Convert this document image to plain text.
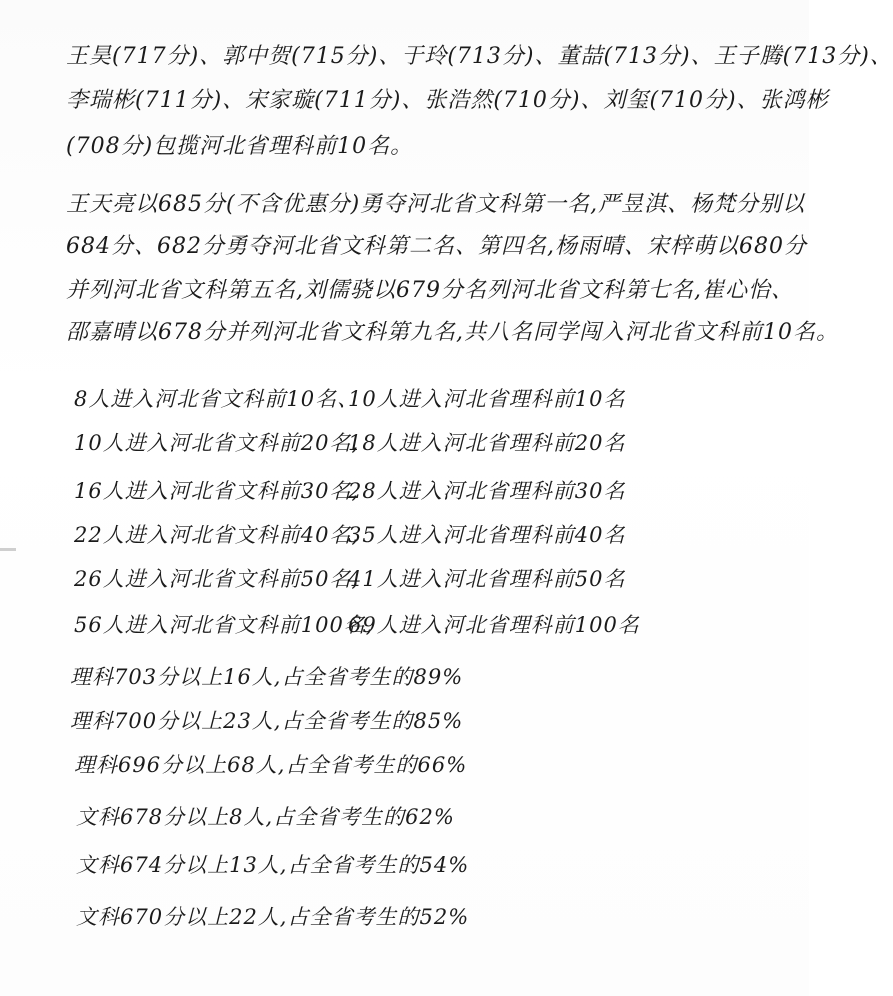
王昊(717分)、郭中贺(715分)、于玲(713分)、董喆(713分)、王子腾(713分)、
李瑞彬(711分)、宋家璇(711分)、张浩然(710分)、刘玺(710分)、张鸿彬
(708分)包揽河北省理科前10名。
王天亮以685分(不含优惠分)勇夺河北省文科第一名,严昱淇、杨梵分别以
684分、682分勇夺河北省文科第二名、第四名,杨雨晴、宋梓萌以680分
并列河北省文科第五名,刘儒骁以679分名列河北省文科第七名,崔心怡、
邵嘉晴以678分并列河北省文科第九名,共八名同学闯入河北省文科前10名。
8人进入河北省文科前10名、
10人进入河北省理科前10名
10人进入河北省文科前20名,
18人进入河北省理科前20名
16人进入河北省文科前30名,
28人进入河北省理科前30名
22人进入河北省文科前40名,
35人进入河北省理科前40名
26人进入河北省文科前50名,
41人进入河北省理科前50名
56人进入河北省文科前100名,
69人进入河北省理科前100名
理科703分以上16人,占全省考生的89%
理科700分以上23人,占全省考生的85%
理科696分以上68人,占全省考生的66%
文科678分以上8人,占全省考生的62%
文科674分以上13人,占全省考生的54%
文科670分以上22人,占全省考生的52%
